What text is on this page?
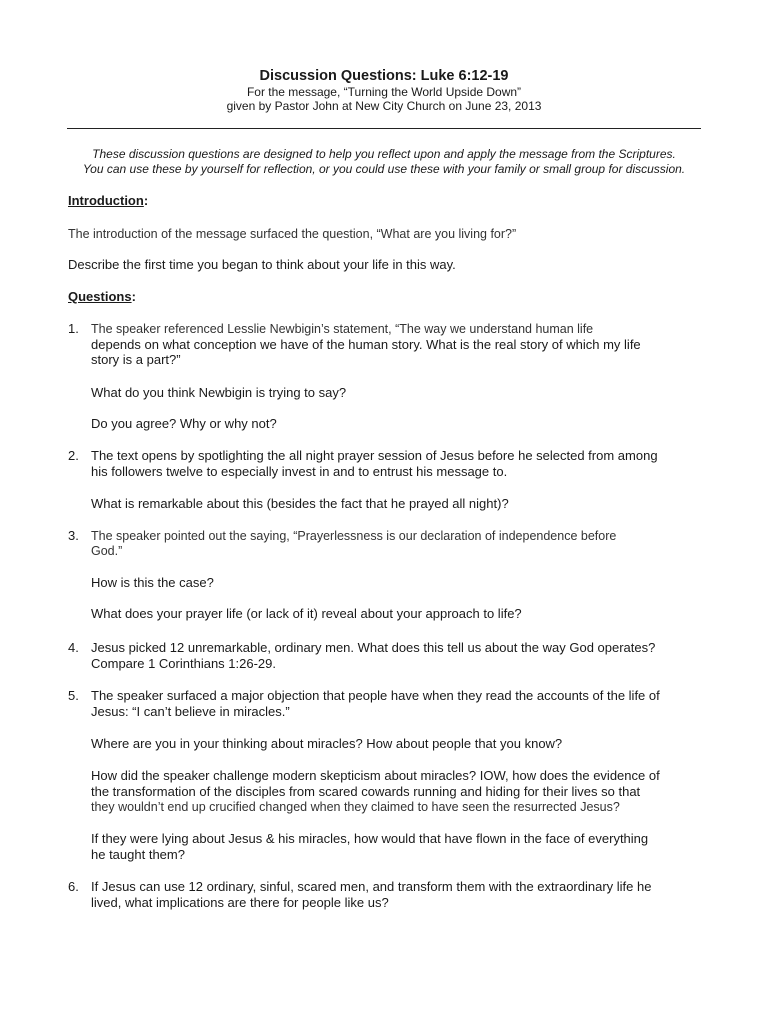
Discussion Questions: Luke 6:12-19
For the message, “Turning the World Upside Down”
given by Pastor John at New City Church on June 23, 2013
These discussion questions are designed to help you reflect upon and apply the message from the Scriptures.
You can use these by yourself for reflection, or you could use these with your family or small group for discussion.
Introduction:
The introduction of the message surfaced the question, “What are you living for?”
Describe the first time you began to think about your life in this way.
Questions:
1. The speaker referenced Lesslie Newbigin’s statement, “The way we understand human life
depends on what conception we have of the human story. What is the real story of which my life
story is a part?”
What do you think Newbigin is trying to say?
Do you agree? Why or why not?
2. The text opens by spotlighting the all night prayer session of Jesus before he selected from among
his followers twelve to especially invest in and to entrust his message to.
What is remarkable about this (besides the fact that he prayed all night)?
3. The speaker pointed out the saying, “Prayerlessness is our declaration of independence before
God.”
How is this the case?
What does your prayer life (or lack of it) reveal about your approach to life?
4. Jesus picked 12 unremarkable, ordinary men. What does this tell us about the way God operates?
Compare 1 Corinthians 1:26-29.
5. The speaker surfaced a major objection that people have when they read the accounts of the life of
Jesus: “I can’t believe in miracles.”
Where are you in your thinking about miracles? How about people that you know?
How did the speaker challenge modern skepticism about miracles? IOW, how does the evidence of
the transformation of the disciples from scared cowards running and hiding for their lives so that
they wouldn’t end up crucified changed when they claimed to have seen the resurrected Jesus?
If they were lying about Jesus & his miracles, how would that have flown in the face of everything
he taught them?
6. If Jesus can use 12 ordinary, sinful, scared men, and transform them with the extraordinary life he
lived, what implications are there for people like us?
